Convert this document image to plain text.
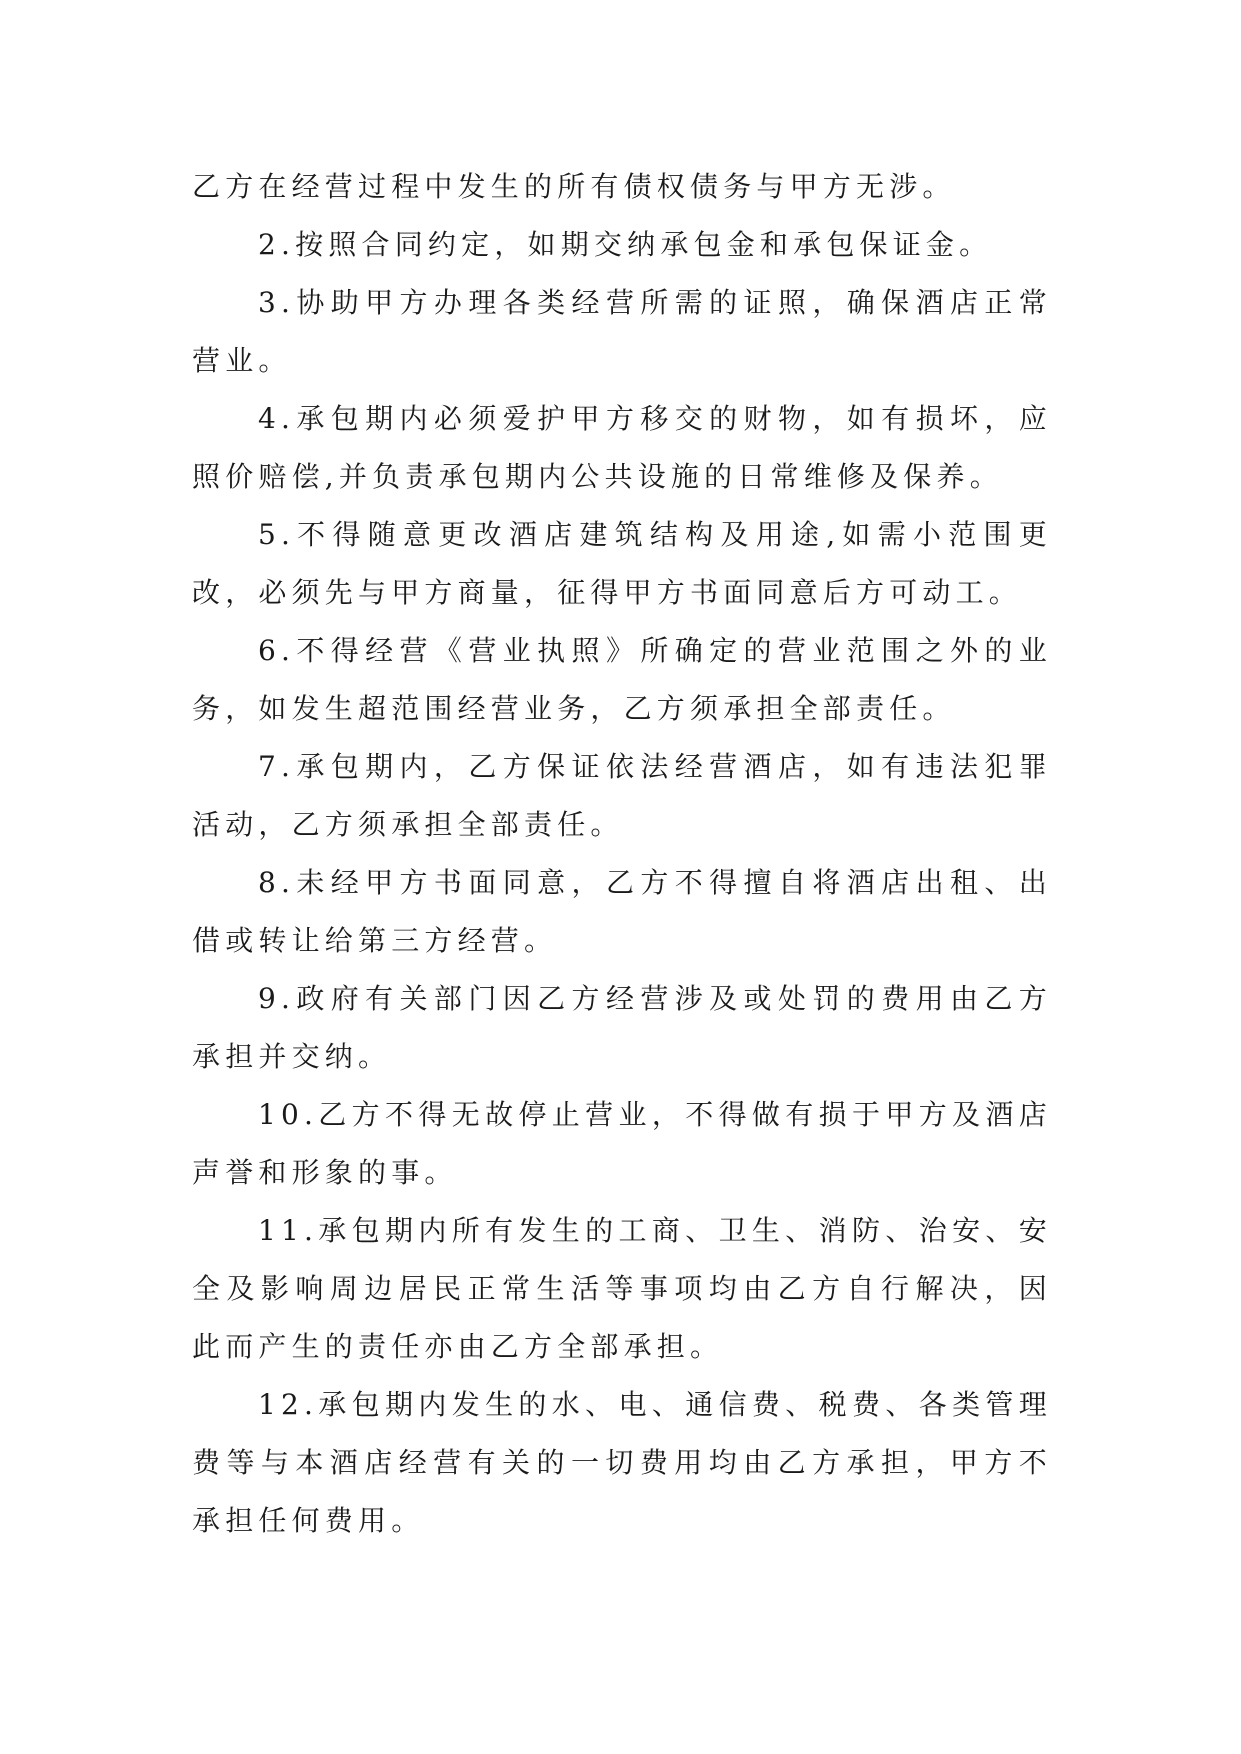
乙方在经营过程中发生的所有债权债务与甲方无涉。

2.按照合同约定，如期交纳承包金和承包保证金。

3.协助甲方办理各类经营所需的证照，确保酒店正常营业。

4.承包期内必须爱护甲方移交的财物，如有损坏，应照价赔偿,并负责承包期内公共设施的日常维修及保养。

5.不得随意更改酒店建筑结构及用途,如需小范围更改，必须先与甲方商量，征得甲方书面同意后方可动工。

6.不得经营《营业执照》所确定的营业范围之外的业务，如发生超范围经营业务，乙方须承担全部责任。

7.承包期内，乙方保证依法经营酒店，如有违法犯罪活动，乙方须承担全部责任。

8.未经甲方书面同意，乙方不得擅自将酒店出租、出借或转让给第三方经营。

9.政府有关部门因乙方经营涉及或处罚的费用由乙方承担并交纳。

10.乙方不得无故停止营业，不得做有损于甲方及酒店声誉和形象的事。

11.承包期内所有发生的工商、卫生、消防、治安、安全及影响周边居民正常生活等事项均由乙方自行解决，因此而产生的责任亦由乙方全部承担。

12.承包期内发生的水、电、通信费、税费、各类管理费等与本酒店经营有关的一切费用均由乙方承担，甲方不承担任何费用。
